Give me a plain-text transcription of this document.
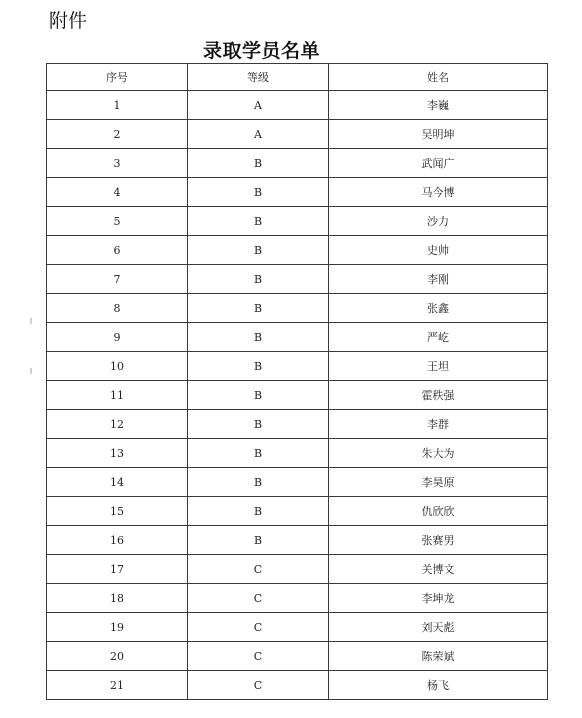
附件
录取学员名单
序号	等级	姓名
1	A	李巍
2	A	吴明坤
3	B	武闻广
4	B	马今博
5	B	沙力
6	B	史帅
7	B	李刚
8	B	张鑫
9	B	严屹
10	B	王坦
11	B	霍秩强
12	B	李群
13	B	朱大为
14	B	李昊原
15	B	仇欣欣
16	B	张赛男
17	C	关博文
18	C	李坤龙
19	C	刘天彪
20	C	陈荣斌
21	C	杨飞
